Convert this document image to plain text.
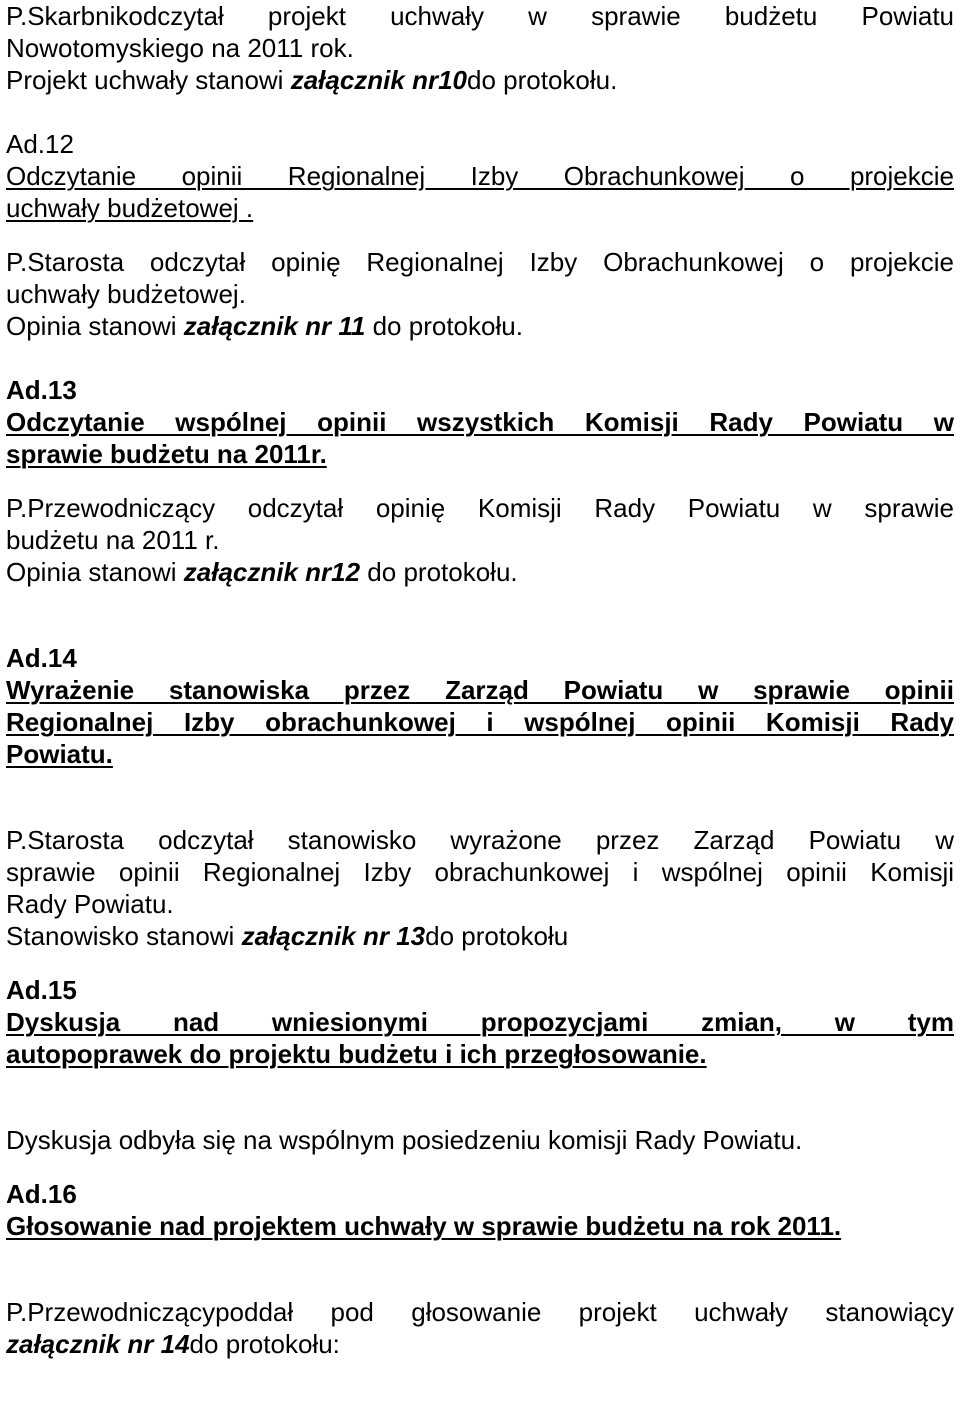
P.Skarbnikodczytał projekt uchwały w sprawie budżetu Powiatu

Nowotomyskiego na 2011 rok.

Projekt uchwały stanowi załącznik nr10do protokołu.

Ad.12

Odczytanie opinii Regionalnej Izby Obrachunkowej o projekcie

uchwały budżetowej .

P.Starosta odczytał opinię Regionalnej Izby Obrachunkowej o projekcie

uchwały budżetowej.

Opinia stanowi załącznik nr 11 do protokołu.

Ad.13

Odczytanie wspólnej opinii wszystkich Komisji Rady Powiatu w

sprawie budżetu na 2011r.

P.Przewodniczący odczytał opinię Komisji Rady Powiatu w sprawie

budżetu na 2011 r.

Opinia stanowi załącznik nr12 do protokołu.

Ad.14

Wyrażenie stanowiska przez Zarząd Powiatu w sprawie opinii

Regionalnej Izby obrachunkowej i wspólnej opinii Komisji Rady

Powiatu.

P.Starosta odczytał stanowisko wyrażone przez Zarząd Powiatu w

sprawie opinii Regionalnej Izby obrachunkowej i wspólnej opinii Komisji

Rady Powiatu.

Stanowisko stanowi załącznik nr 13do protokołu

Ad.15

Dyskusja nad wniesionymi propozycjami zmian, w tym

autopoprawek do projektu budżetu i ich przegłosowanie.

Dyskusja odbyła się na wspólnym posiedzeniu komisji Rady Powiatu.

Ad.16

Głosowanie nad projektem uchwały w sprawie budżetu na rok 2011.

P.Przewodniczącypoddał pod głosowanie projekt uchwały stanowiący

załącznik nr 14do protokołu:
